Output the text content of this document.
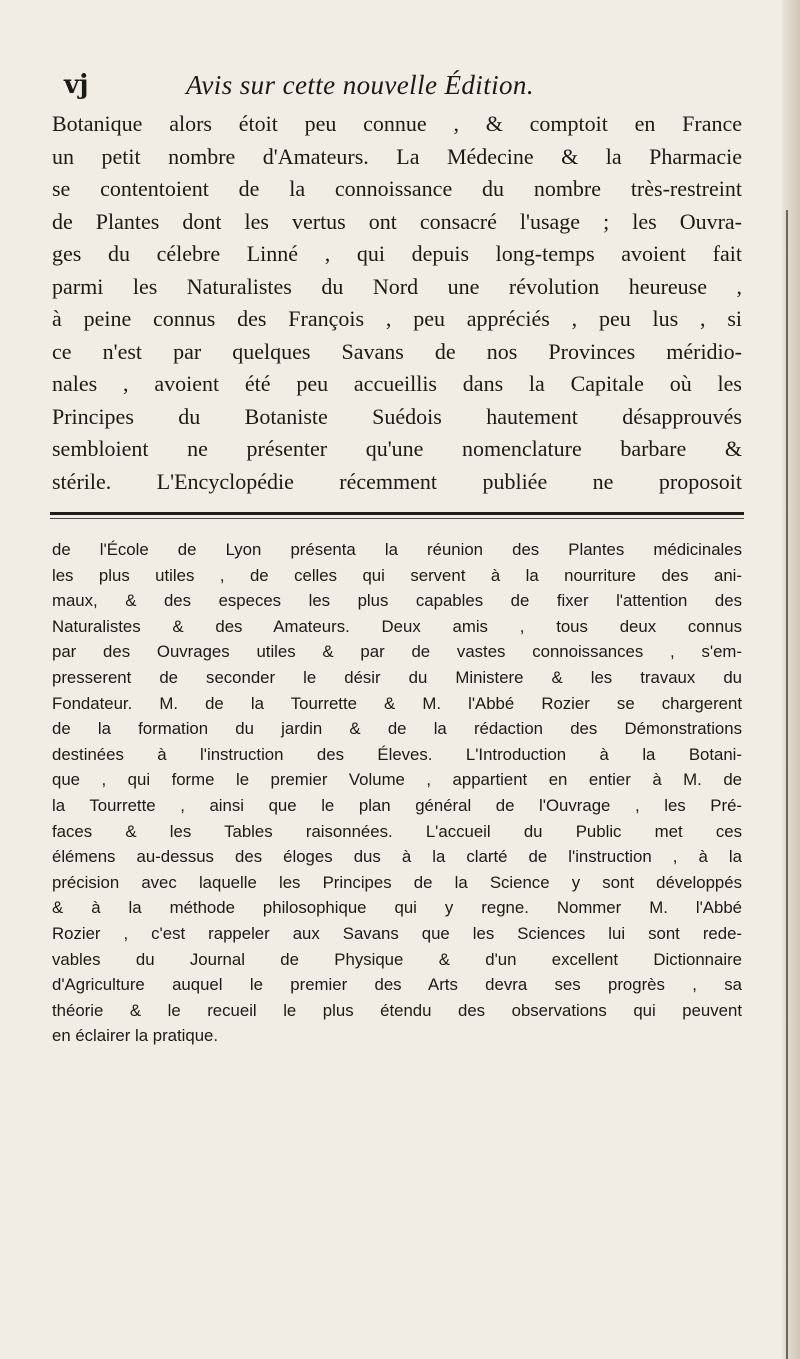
vj	Avis sur cette nouvelle Édition.
Botanique alors étoit peu connue , & comptoit en France
un petit nombre d'Amateurs. La Médecine & la Pharmacie
se contentoient de la connoissance du nombre très-restreint
de Plantes dont les vertus ont consacré l'usage ; les Ouvra-
ges du célebre Linné , qui depuis long-temps avoient fait
parmi les Naturalistes du Nord une révolution heureuse ,
à peine connus des François , peu appréciés , peu lus , si
ce n'est par quelques Savans de nos Provinces méridio-
nales , avoient été peu accueillis dans la Capitale où les
Principes du Botaniste Suédois hautement désapprouvés
sembloient ne présenter qu'une nomenclature barbare &
stérile. L'Encyclopédie récemment publiée ne proposoit
de l'École de Lyon présenta la réunion des Plantes médicinales
les plus utiles , de celles qui servent à la nourriture des ani-
maux, & des especes les plus capables de fixer l'attention des
Naturalistes & des Amateurs. Deux amis , tous deux connus
par des Ouvrages utiles & par de vastes connoissances , s'em-
presserent de seconder le désir du Ministere & les travaux du
Fondateur. M. de la Tourrette & M. l'Abbé Rozier se chargerent
de la formation du jardin & de la rédaction des Démonstrations
destinées à l'instruction des Éleves. L'Introduction à la Botani-
que , qui forme le premier Volume , appartient en entier à M. de
la Tourrette , ainsi que le plan général de l'Ouvrage , les Pré-
faces & les Tables raisonnées. L'accueil du Public met ces
élémens au-dessus des éloges dus à la clarté de l'instruction , à la
précision avec laquelle les Principes de la Science y sont développés
& à la méthode philosophique qui y regne. Nommer M. l'Abbé
Rozier , c'est rappeler aux Savans que les Sciences lui sont rede-
vables du Journal de Physique & d'un excellent Dictionnaire
d'Agriculture auquel le premier des Arts devra ses progrès , sa
théorie & le recueil le plus étendu des observations qui peuvent
en éclairer la pratique.
